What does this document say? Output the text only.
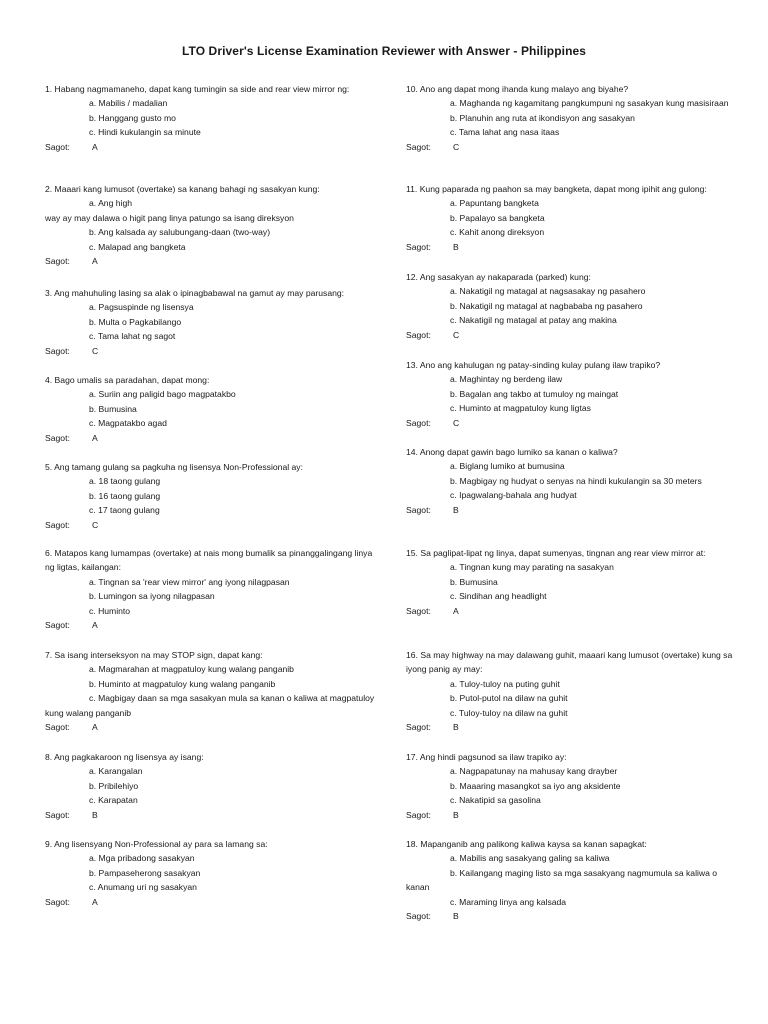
LTO Driver's License Examination Reviewer with Answer - Philippines

1. Habang nagmamaneho, dapat kang tumingin sa side and rear view mirror ng:

a. Mabilis / madalian

b. Hanggang gusto mo

c. Hindi kukulangin sa minute

Sagot:	A

2. Maaari kang lumusot (overtake) sa kanang bahagi ng sasakyan kung:

a. Ang high

way ay may dalawa o higit pang linya patungo sa isang direksyon

b. Ang kalsada ay salubungang-daan (two-way)

c. Malapad ang bangketa

Sagot:	A

3. Ang mahuhuling lasing sa alak o ipinagbabawal na gamut ay may parusang:

a. Pagsuspinde ng lisensya

b. Multa o Pagkabilango

c. Tama lahat ng sagot

Sagot:	C

4. Bago umalis sa paradahan, dapat mong:

a. Suriin ang paligid bago magpatakbo

b. Bumusina

c. Magpatakbo agad

Sagot:	A

5. Ang tamang gulang sa pagkuha ng lisensya Non-Professional ay:

a. 18 taong gulang

b. 16 taong gulang

c. 17 taong gulang

Sagot:	C

6. Matapos kang lumampas (overtake) at nais mong bumalik sa pinanggalingang linya ng ligtas, kailangan:

a. Tingnan sa 'rear view mirror' ang iyong nilagpasan

b. Lumingon sa iyong nilagpasan

c. Huminto

Sagot:	A

7. Sa isang interseksyon na may STOP sign, dapat kang:

a. Magmarahan at magpatuloy kung walang panganib

b. Huminto at magpatuloy kung walang panganib

c. Magbigay daan sa mga sasakyan mula sa kanan o kaliwa at magpatuloy kung walang panganib

Sagot:	A

8. Ang pagkakaroon ng lisensya ay isang:

a. Karangalan

b. Pribilehiyo

c. Karapatan

Sagot:	B

9. Ang lisensyang Non-Professional ay para sa lamang sa:

a. Mga pribadong sasakyan

b. Pampaseherong sasakyan

c. Anumang uri ng sasakyan

Sagot:	A

10. Ano ang dapat mong ihanda kung malayo ang biyahe?

a. Maghanda ng kagamitang pangkumpuni ng sasakyan kung masisiraan

b. Planuhin ang ruta at ikondisyon ang sasakyan

c. Tama lahat ang nasa itaas

Sagot:	C

11. Kung paparada ng paahon sa may bangketa, dapat mong ipihit ang gulong:

a. Papuntang bangketa

b. Papalayo sa bangketa

c. Kahit anong direksyon

Sagot:	B

12. Ang sasakyan ay nakaparada (parked) kung:

a. Nakatigil ng matagal at nagsasakay ng pasahero

b. Nakatigil ng matagal at nagbababa ng pasahero

c. Nakatigil ng matagal at patay ang makina

Sagot:	C

13. Ano ang kahulugan ng patay-sinding kulay pulang ilaw trapiko?

a. Maghintay ng berdeng ilaw

b. Bagalan ang takbo at tumuloy ng maingat

c. Huminto at magpatuloy kung ligtas

Sagot:	C

14. Anong dapat gawin bago lumiko sa kanan o kaliwa?

a. Biglang lumiko at bumusina

b. Magbigay ng hudyat o senyas na hindi kukulangin sa 30 meters

c. Ipagwalang-bahala ang hudyat

Sagot:	B

15. Sa paglipat-lipat ng linya, dapat sumenyas, tingnan ang rear view mirror at:

a. Tingnan kung may parating na sasakyan

b. Bumusina

c. Sindihan ang headlight

Sagot:	A

16. Sa may highway na may dalawang guhit, maaari kang lumusot (overtake) kung sa iyong panig ay may:

a. Tuloy-tuloy na puting guhit

b. Putol-putol na dilaw na guhit

c. Tuloy-tuloy na dilaw na guhit

Sagot:	B

17. Ang hindi pagsunod sa ilaw trapiko ay:

a. Nagpapatunay na mahusay kang drayber

b. Maaaring masangkot sa iyo ang aksidente

c. Nakatipid sa gasolina

Sagot:	B

18. Mapanganib ang palikong kaliwa kaysa sa kanan sapagkat:

a. Mabilis ang sasakyang galing sa kaliwa

b. Kailangang maging listo sa mga sasakyang nagmumula sa kaliwa o kanan

c. Maraming linya ang kalsada

Sagot:	B
